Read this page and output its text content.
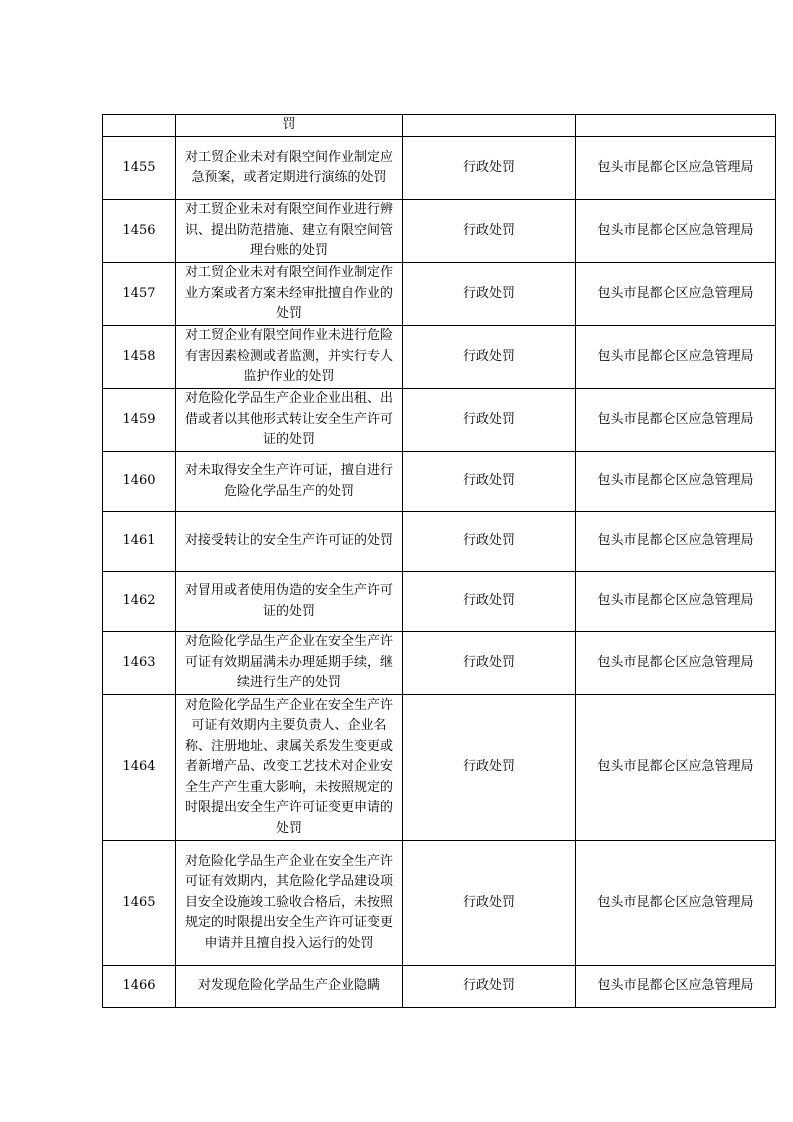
	罚		
1455	对工贸企业未对有限空间作业制定应急预案，或者定期进行演练的处罚	行政处罚	包头市昆都仑区应急管理局
1456	对工贸企业未对有限空间作业进行辨识、提出防范措施、建立有限空间管理台账的处罚	行政处罚	包头市昆都仑区应急管理局
1457	对工贸企业未对有限空间作业制定作业方案或者方案未经审批擅自作业的处罚	行政处罚	包头市昆都仑区应急管理局
1458	对工贸企业有限空间作业未进行危险有害因素检测或者监测，并实行专人监护作业的处罚	行政处罚	包头市昆都仑区应急管理局
1459	对危险化学品生产企业企业出租、出借或者以其他形式转让安全生产许可证的处罚	行政处罚	包头市昆都仑区应急管理局
1460	对未取得安全生产许可证，擅自进行危险化学品生产的处罚	行政处罚	包头市昆都仑区应急管理局
1461	对接受转让的安全生产许可证的处罚	行政处罚	包头市昆都仑区应急管理局
1462	对冒用或者使用伪造的安全生产许可证的处罚	行政处罚	包头市昆都仑区应急管理局
1463	对危险化学品生产企业在安全生产许可证有效期届满未办理延期手续，继续进行生产的处罚	行政处罚	包头市昆都仑区应急管理局
1464	对危险化学品生产企业在安全生产许可证有效期内主要负责人、企业名称、注册地址、隶属关系发生变更或者新增产品、改变工艺技术对企业安全生产产生重大影响，未按照规定的时限提出安全生产许可证变更申请的处罚	行政处罚	包头市昆都仑区应急管理局
1465	对危险化学品生产企业在安全生产许可证有效期内，其危险化学品建设项目安全设施竣工验收合格后，未按照规定的时限提出安全生产许可证变更申请并且擅自投入运行的处罚	行政处罚	包头市昆都仑区应急管理局
1466	对发现危险化学品生产企业隐瞒	行政处罚	包头市昆都仑区应急管理局
